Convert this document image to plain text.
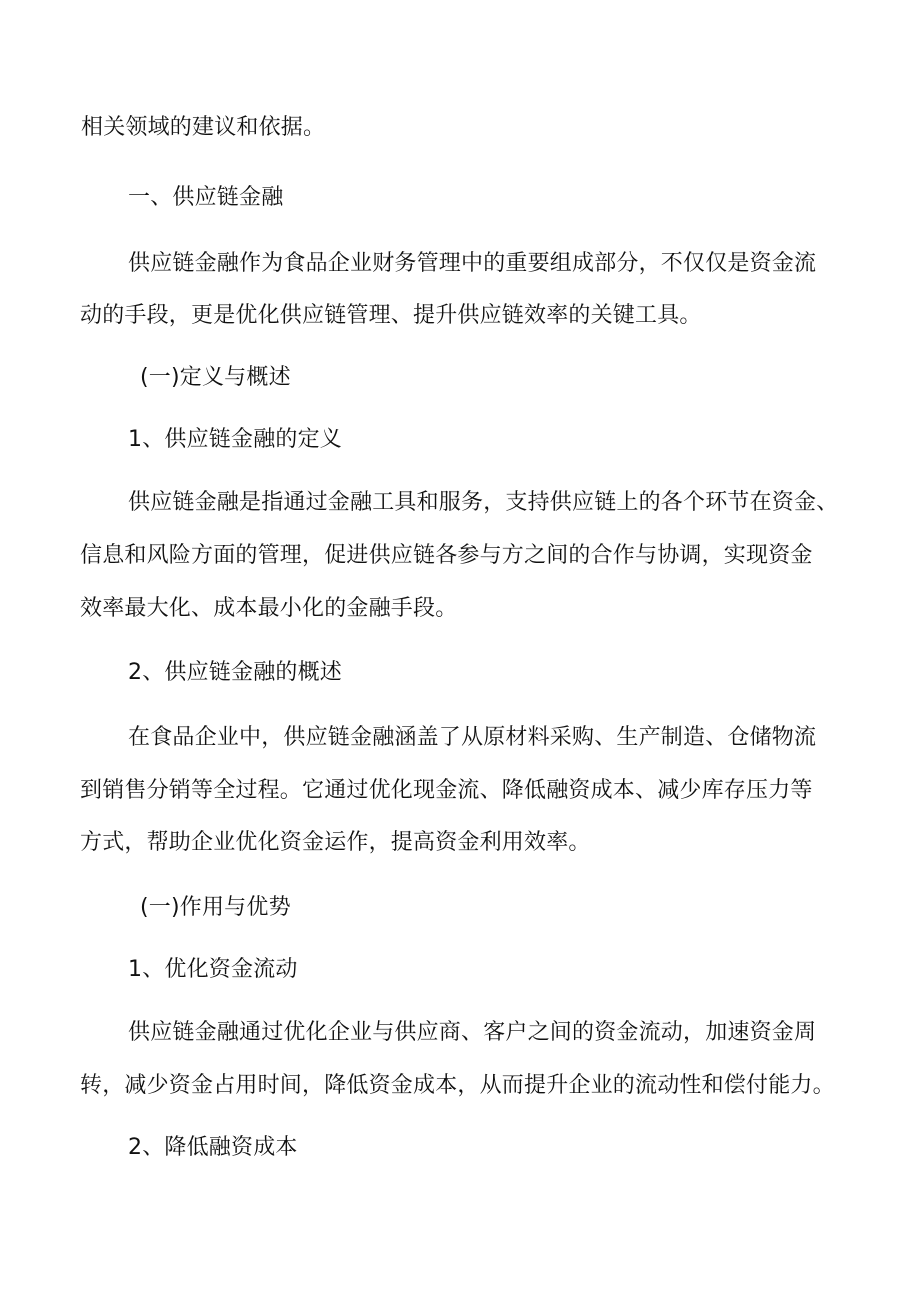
相关领域的建议和依据。
一、供应链金融
供应链金融作为食品企业财务管理中的重要组成部分，不仅仅是资金流
动的手段，更是优化供应链管理、提升供应链效率的关键工具。
(一)定义与概述
1、供应链金融的定义
供应链金融是指通过金融工具和服务，支持供应链上的各个环节在资金、
信息和风险方面的管理，促进供应链各参与方之间的合作与协调，实现资金
效率最大化、成本最小化的金融手段。
2、供应链金融的概述
在食品企业中，供应链金融涵盖了从原材料采购、生产制造、仓储物流
到销售分销等全过程。它通过优化现金流、降低融资成本、减少库存压力等
方式，帮助企业优化资金运作，提高资金利用效率。
(一)作用与优势
1、优化资金流动
供应链金融通过优化企业与供应商、客户之间的资金流动，加速资金周
转，减少资金占用时间，降低资金成本，从而提升企业的流动性和偿付能力。
2、降低融资成本
